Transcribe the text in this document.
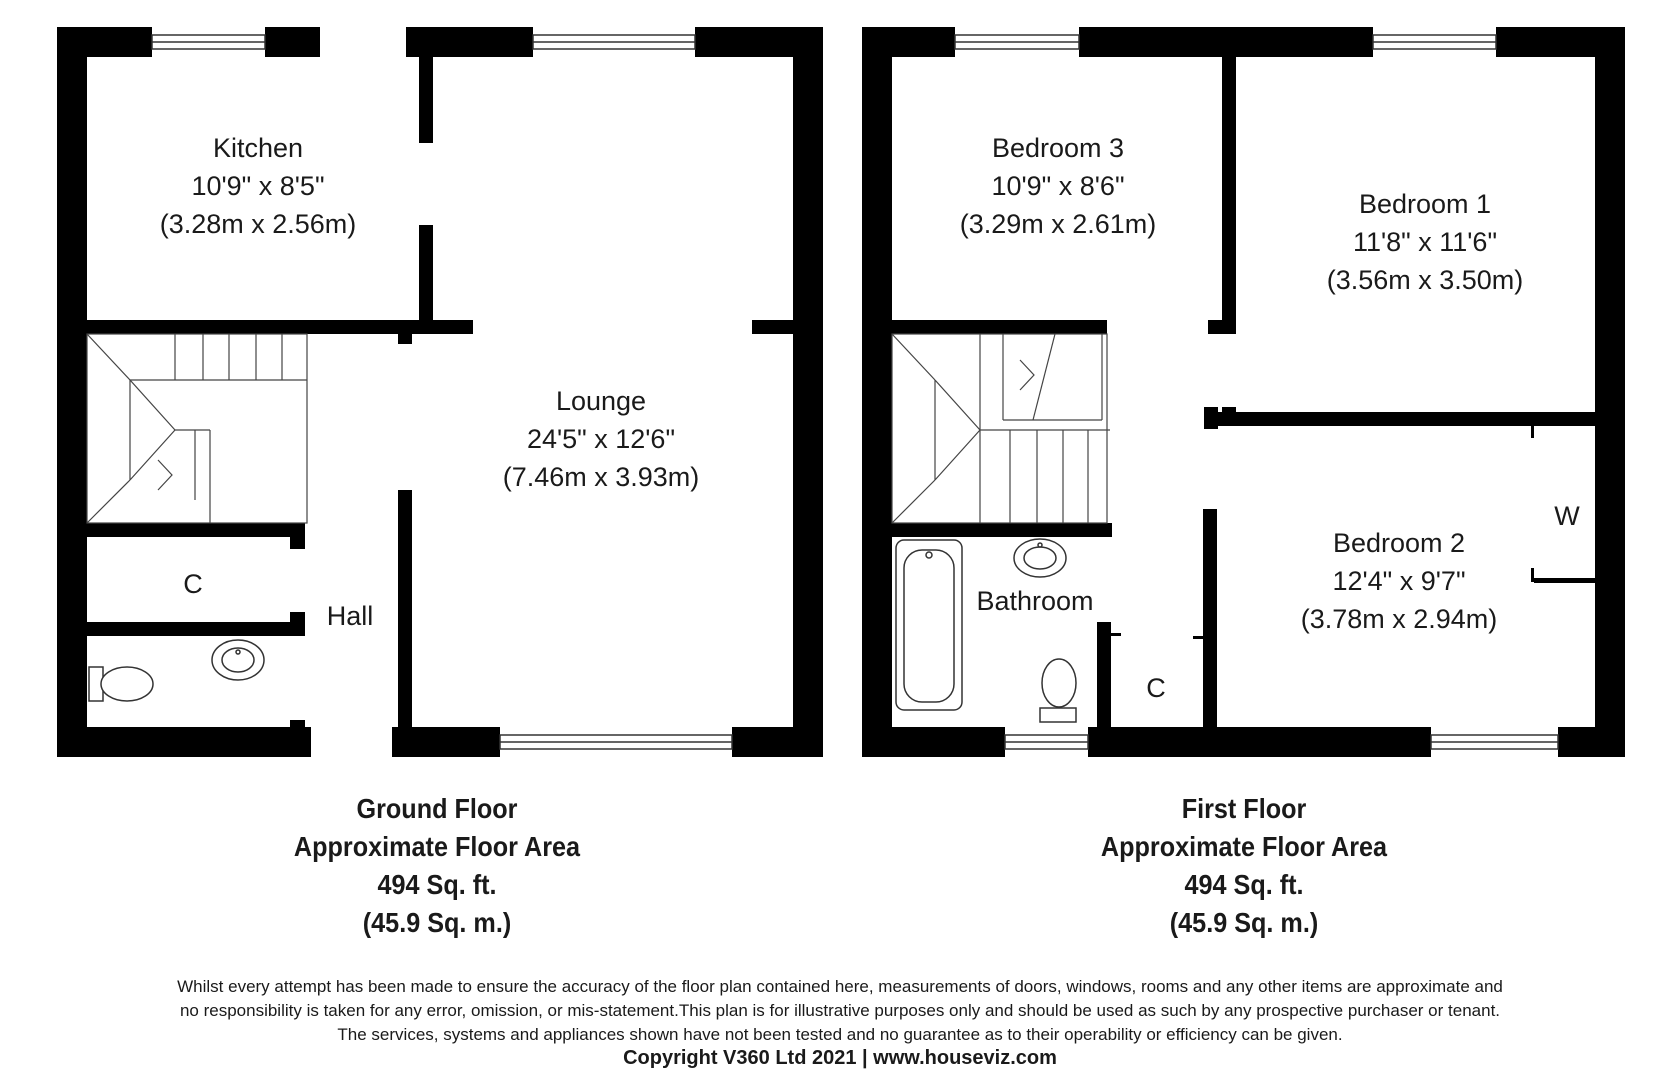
Kitchen
10'9" x 8'5"
(3.28m x 2.56m)
Lounge
24'5" x 12'6"
(7.46m x 3.93m)
C
Hall
Bedroom 3
10'9" x 8'6"
(3.29m x 2.61m)
Bedroom 1
11'8" x 11'6"
(3.56m x 3.50m)
Bedroom 2
12'4" x 9'7"
(3.78m x 2.94m)
Bathroom
C
W
Ground Floor
Approximate Floor Area
494 Sq. ft.
(45.9 Sq. m.)
First Floor
Approximate Floor Area
494 Sq. ft.
(45.9 Sq. m.)
Whilst every attempt has been made to ensure the accuracy of the floor plan contained here, measurements of doors, windows, rooms and any other items are approximate and
no responsibility is taken for any error, omission, or mis-statement.This plan is for illustrative purposes only and should be used as such by any prospective purchaser or tenant.
The services, systems and appliances shown have not been tested and no guarantee as to their operability or efficiency can be given.
Copyright V360 Ltd 2021 | www.houseviz.com
